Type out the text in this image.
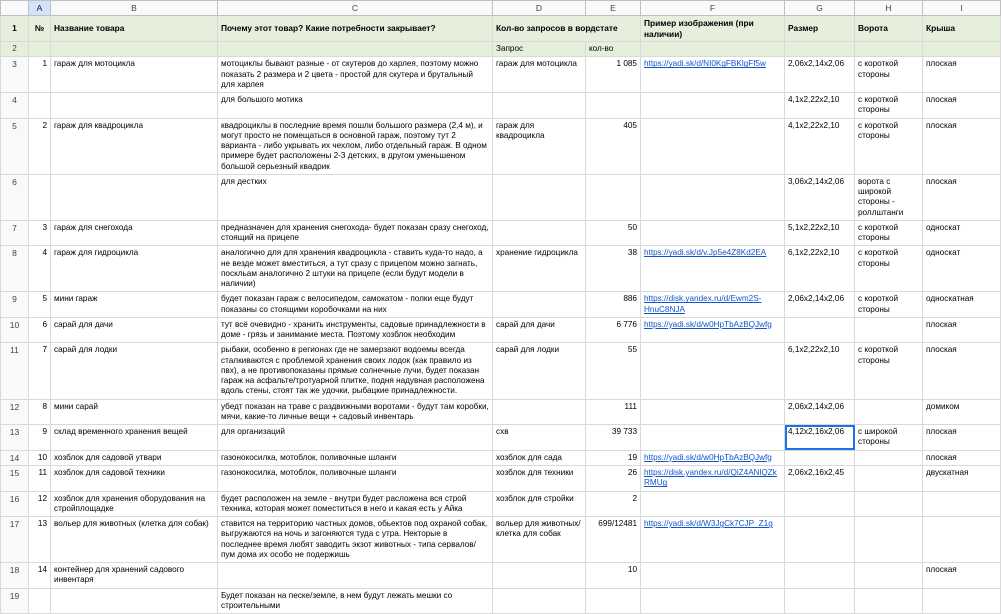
	A	B	C	D	E	F	G	H	I
1	№	Название товара	Почему этот товар? Какие потребности закрывает?	Кол-во запросов в вордстате		Пример изображения (при наличии)	Размер	Ворота	Крыша
2				Запрос	кол-во				
3	1	гараж для мотоцикла	мотоциклы бывают разные - от скутеров до харлея, поэтому можно показать 2 размера и 2 цвета - простой для скутера и брутальный для харлея	гараж для мотоцикла	1 085	https://yadi.sk/d/NI0KgFBKlgFf5w	2,06х2,14х2,06	с короткой стороны	плоская
4			для большого мотика				4,1х2,22х2,10	с короткой стороны	плоская
5	2	гараж для квадроцикла	квадроциклы в последние время пошли большого размера (2,4 м), и могут просто не помещаться в основной гараж, поэтому тут 2 варианта - либо укрывать их чехлом, либо отдельный гараж. В одном примере будет расположены 2-3 детских, в другом уменьшеном большой серьезный квадрик	гараж для квадроцикла	405		4,1х2,22х2,10	с короткой стороны	плоская
6			для дестких				3,06х2,14х2,06	ворота с широкой стороны - роллштанги	плоская
7	3	гараж для снегохода	предназначен для хранения снегохода- будет показан сразу снегоход, стоящий на прицепе		50		5,1х2,22х2,10	с короткой стороны	односкат
8	4	гараж для гидроцикла	аналогично для для хранения квадроцикла - ставить куда-то надо, а не везде может вместиться, а тут сразу с прицепом можно загнать, поскльам аналогично 2 штуки на прицепе (если будут модели в наличии)	хранение гидроцикла	38	https://yadi.sk/d/v.Jp5e4Z8Kd2EA	6,1х2,22х2,10	с короткой стороны	односкат
9	5	мини гараж	будет показан гараж с велосипедом, самокатом - полки еще будут показаны со стоящими коробочками на них		886	https://disk.yandex.ru/d/Ewm2S-HnuC8NJA	2,06х2,14х2,06	с короткой стороны	односкатная
10	6	сарай для дачи	тут всё очевидно - хранить инструменты, садовые принадлежности в доме - грязь и занимание места. Поэтому хозблок необходим	сарай для дачи	6 776	https://yadi.sk/d/w0HpTbAzBQJwfg			плоская
11	7	сарай для лодки	рыбаки, особенно в регионах где не замерзают водоемы всегда сталкиваются с проблемой хранения своих лодок (как правило из пвх), а не противопоказаны прямые солнечные лучи, будет показан гараж на асфальте/тротуарной плитке, подня надувная расположена вдоль стены, стоят так же удочки, рыбацкие принадлежности.	сарай для лодки	55		6,1х2,22х2,10	с короткой стороны	плоская
12	8	мини сарай	убедт показан на траве с раздвижными воротами - будут там коробки, мячи, какие-то личные вещи + садовый инвентарь		111		2,06х2,14х2,06		домиком
13	9	склад временного хранения вещей	для организаций	схв	39 733		4,12х2,16х2,06	с широкой стороны	плоская
14	10	хозблок для садовой утвари	газонокосилка, мотоблок, поливочные шланги	хозблок для сада	19	https://yadi.sk/d/w0HpTbAzBQJwfg			плоская
15	11	хозблок для садовой техники	газонокосилка, мотоблок, поливочные шланги	хозблок для техники	26	https://disk.yandex.ru/d/QiZ4ANlQZkRMUg	2,06х2,16х2,45		двускатная
16	12	хозблок для хранения оборудования на стройплощадке	будет расположен на земле - внутри будет расложена вся строй техника, которая может поместиться в него и какая есть у Айка	хозблок для стройки	2				
17	13	вольер для животных (клетка для собак)	ставится на территорию частных домов, обьектов под охраной собак, выгружаются на ночь и загоняются туда с утра. Некторые в последнее время любят заводить экзот животных - типа сервалов/пум дома их особо не подержишь	вольер для животных/ клетка для собак	699/12481	https://yadi.sk/d/W3JgCk7CJP_Z1g			
18	14	контейнер для хранений садового инвентаря			10				плоская
19			Будет показан на песке/земле, в нем будут лежать мешки со строительными						
